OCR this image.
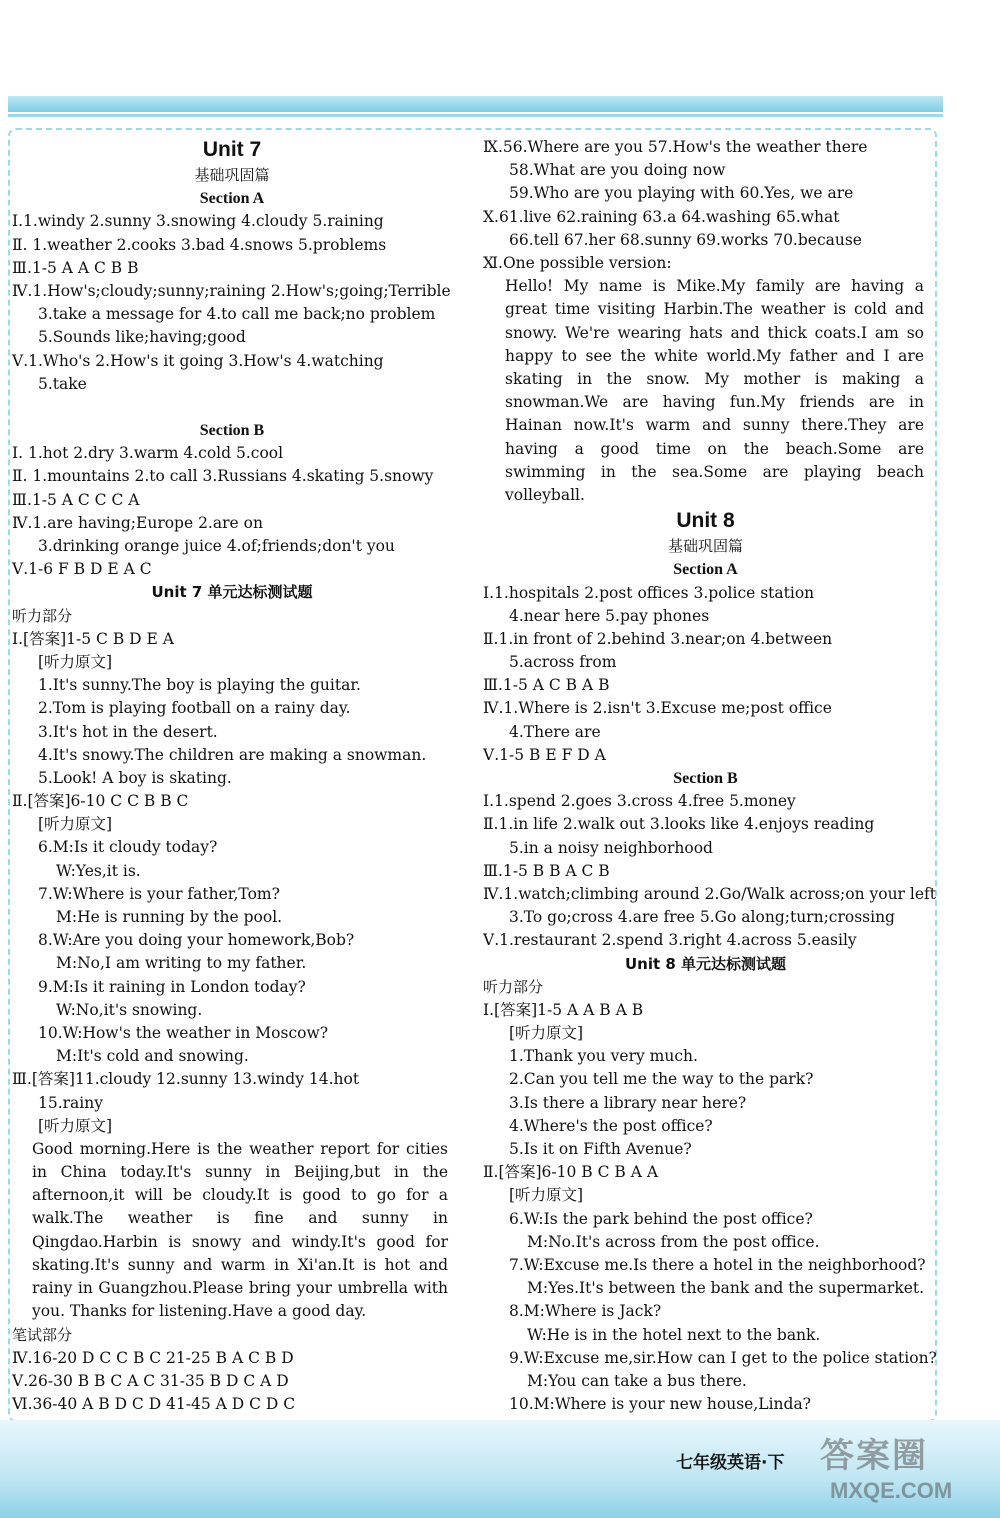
Unit 7
基础巩固篇
Section A
Ⅰ.1.windy 2.sunny 3.snowing 4.cloudy 5.raining
Ⅱ. 1.weather 2.cooks 3.bad 4.snows 5.problems
Ⅲ.1-5 A A C B B
Ⅳ.1.How's;cloudy;sunny;raining 2.How's;going;Terrible
3.take a message for 4.to call me back;no problem
5.Sounds like;having;good
Ⅴ.1.Who's 2.How's it going 3.How's 4.watching
5.take
Section B
Ⅰ. 1.hot 2.dry 3.warm 4.cold 5.cool
Ⅱ. 1.mountains 2.to call 3.Russians 4.skating 5.snowy
Ⅲ.1-5 A C C C A
Ⅳ.1.are having;Europe 2.are on
3.drinking orange juice 4.of;friends;don't you
Ⅴ.1-6 F B D E A C
Unit 7 单元达标测试题
听力部分
Ⅰ.[答案]1-5 C B D E A
[听力原文]
1.It's sunny.The boy is playing the guitar.
2.Tom is playing football on a rainy day.
3.It's hot in the desert.
4.It's snowy.The children are making a snowman.
5.Look! A boy is skating.
Ⅱ.[答案]6-10 C C B B C
[听力原文]
6.M:Is it cloudy today?
W:Yes,it is.
7.W:Where is your father,Tom?
M:He is running by the pool.
8.W:Are you doing your homework,Bob?
M:No,I am writing to my father.
9.M:Is it raining in London today?
W:No,it's snowing.
10.W:How's the weather in Moscow?
M:It's cold and snowing.
Ⅲ.[答案]11.cloudy 12.sunny 13.windy 14.hot
15.rainy
[听力原文]
Good morning.Here is the weather report for cities in China today.It's sunny in Beijing,but in the afternoon,it will be cloudy.It is good to go for a walk.The weather is fine and sunny in Qingdao.Harbin is snowy and windy.It's good for skating.It's sunny and warm in Xi'an.It is hot and rainy in Guangzhou.Please bring your umbrella with you. Thanks for listening.Have a good day.
笔试部分
Ⅳ.16-20 D C C B C 21-25 B A C B D
Ⅴ.26-30 B B C A C 31-35 B D C A D
Ⅵ.36-40 A B D C D 41-45 A D C D C
Ⅸ.56.Where are you 57.How's the weather there
58.What are you doing now
59.Who are you playing with 60.Yes, we are
Ⅹ.61.live 62.raining 63.a 64.washing 65.what
66.tell 67.her 68.sunny 69.works 70.because
Ⅺ.One possible version:
Hello! My name is Mike.My family are having a great time visiting Harbin.The weather is cold and snowy. We're wearing hats and thick coats.I am so happy to see the white world.My father and I are skating in the snow. My mother is making a snowman.We are having fun.My friends are in Hainan now.It's warm and sunny there.They are having a good time on the beach.Some are swimming in the sea.Some are playing beach volleyball.
Unit 8
基础巩固篇
Section A
Ⅰ.1.hospitals 2.post offices 3.police station
4.near here 5.pay phones
Ⅱ.1.in front of 2.behind 3.near;on 4.between
5.across from
Ⅲ.1-5 A C B A B
Ⅳ.1.Where is 2.isn't 3.Excuse me;post office
4.There are
Ⅴ.1-5 B E F D A
Section B
Ⅰ.1.spend 2.goes 3.cross 4.free 5.money
Ⅱ.1.in life 2.walk out 3.looks like 4.enjoys reading
5.in a noisy neighborhood
Ⅲ.1-5 B B A C B
Ⅳ.1.watch;climbing around 2.Go/Walk across;on your left
3.To go;cross 4.are free 5.Go along;turn;crossing
Ⅴ.1.restaurant 2.spend 3.right 4.across 5.easily
Unit 8 单元达标测试题
听力部分
Ⅰ.[答案]1-5 A A B A B
[听力原文]
1.Thank you very much.
2.Can you tell me the way to the park?
3.Is there a library near here?
4.Where's the post office?
5.Is it on Fifth Avenue?
Ⅱ.[答案]6-10 B C B A A
[听力原文]
6.W:Is the park behind the post office?
M:No.It's across from the post office.
7.W:Excuse me.Is there a hotel in the neighborhood?
M:Yes.It's between the bank and the supermarket.
8.M:Where is Jack?
W:He is in the hotel next to the bank.
9.W:Excuse me,sir.How can I get to the police station?
M:You can take a bus there.
10.M:Where is your new house,Linda?
七年级英语·下 答案圈
MXQE.COM
